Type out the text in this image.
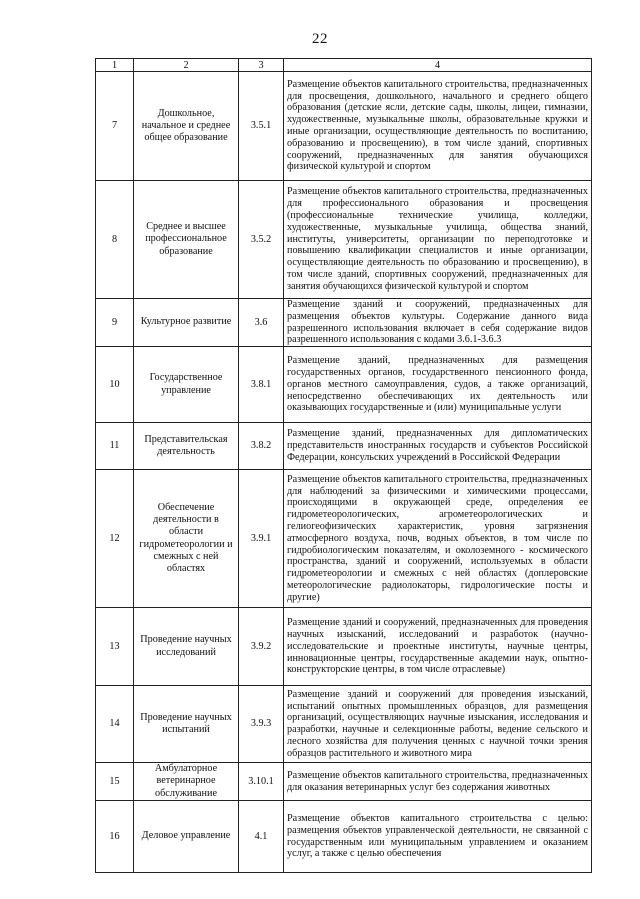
22
1	2	3	4
7	Дошкольное, начальное и среднее общее образование	3.5.1	Размещение объектов капитального строительства, предназначенных для просвещения, дошкольного, начального и среднего общего образования (детские ясли, детские сады, школы, лицеи, гимназии, художественные, музыкальные школы, образовательные кружки и иные организации, осуществляющие деятельность по воспитанию, образованию и просвещению), в том числе зданий, спортивных сооружений, предназначенных для занятия обучающихся физической культурой и спортом
8	Среднее и высшее профессиональное образование	3.5.2	Размещение объектов капитального строительства, предназначенных для профессионального образования и просвещения (профессиональные технические училища, колледжи, художественные, музыкальные училища, общества знаний, институты, университеты, организации по переподготовке и повышению квалификации специалистов и иные организации, осуществляющие деятельность по образованию и просвещению), в том числе зданий, спортивных сооружений, предназначенных для занятия обучающихся физической культурой и спортом
9	Культурное развитие	3.6	Размещение зданий и сооружений, предназначенных для размещения объектов культуры. Содержание данного вида разрешенного использования включает в себя содержание видов разрешенного использования с кодами 3.6.1-3.6.3
10	Государственное управление	3.8.1	Размещение зданий, предназначенных для размещения государственных органов, государственного пенсионного фонда, органов местного самоуправления, судов, а также организаций, непосредственно обеспечивающих их деятельность или оказывающих государственные и (или) муниципальные услуги
11	Представительская деятельность	3.8.2	Размещение зданий, предназначенных для дипломатических представительств иностранных государств и субъектов Российской Федерации, консульских учреждений в Российской Федерации
12	Обеспечение деятельности в области гидрометеорологии и смежных с ней областях	3.9.1	Размещение объектов капитального строительства, предназначенных для наблюдений за физическими и химическими процессами, происходящими в окружающей среде, определения ее гидрометеорологических, агрометеорологических и гелиогеофизических характеристик, уровня загрязнения атмосферного воздуха, почв, водных объектов, в том числе по гидробиологическим показателям, и околоземного - космического пространства, зданий и сооружений, используемых в области гидрометеорологии и смежных с ней областях (доплеровские метеорологические радиолокаторы, гидрологические посты и другие)
13	Проведение научных исследований	3.9.2	Размещение зданий и сооружений, предназначенных для проведения научных изысканий, исследований и разработок (научно-исследовательские и проектные институты, научные центры, инновационные центры, государственные академии наук, опытно-конструкторские центры, в том числе отраслевые)
14	Проведение научных испытаний	3.9.3	Размещение зданий и сооружений для проведения изысканий, испытаний опытных промышленных образцов, для размещения организаций, осуществляющих научные изыскания, исследования и разработки, научные и селекционные работы, ведение сельского и лесного хозяйства для получения ценных с научной точки зрения образцов растительного и животного мира
15	Амбулаторное ветеринарное обслуживание	3.10.1	Размещение объектов капитального строительства, предназначенных для оказания ветеринарных услуг без содержания животных
16	Деловое управление	4.1	Размещение объектов капитального строительства с целью: размещения объектов управленческой деятельности, не связанной с государственным или муниципальным управлением и оказанием услуг, а также с целью обеспечения
